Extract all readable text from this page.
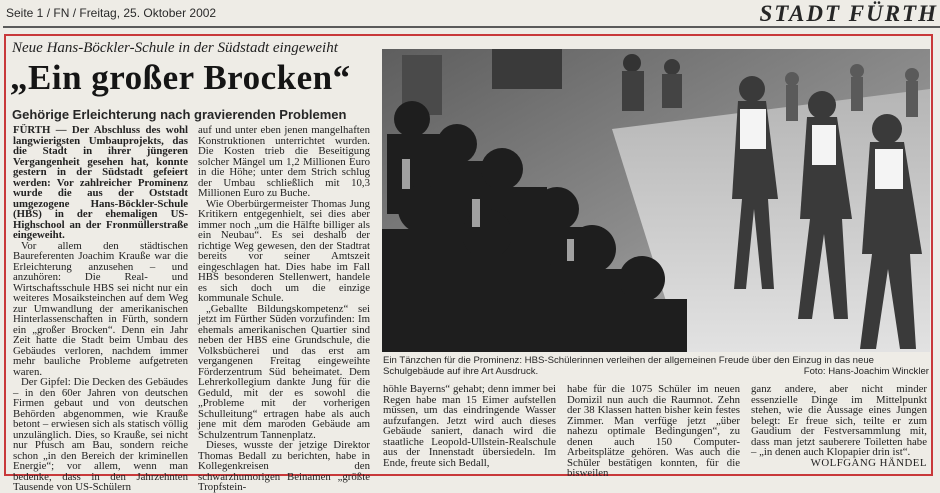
Seite 1 / FN / Freitag, 25. Oktober 2002	STADT FÜRTH
Neue Hans-Böckler-Schule in der Südstadt eingeweiht
„Ein großer Brocken“
Gehörige Erleichterung nach gravierenden Problemen

FÜRTH — Der Abschluss des wohl langwierigsten Umbauprojekts, das die Stadt in ihrer jüngeren Vergangenheit gesehen hat, konnte gestern in der Südstadt gefeiert werden: Vor zahlreicher Prominenz wurde die aus der Oststadt umgezogene Hans-Böckler-Schule (HBS) in der ehemaligen US-Highschool an der Fronmüllerstraße eingeweiht.

Vor allem den städtischen Baureferenten Joachim Krauße war die Erleichterung anzusehen – und anzuhören: Die Real- und Wirtschaftsschule HBS sei nicht nur ein weiteres Mosaiksteinchen auf dem Weg zur Umwandlung der amerikanischen Hinterlassenschaften in Fürth, sondern ein „großer Brocken“. Denn ein Jahr Zeit hatte die Stadt beim Umbau des Gebäudes verloren, nachdem immer mehr bauliche Probleme aufgetreten waren.

Der Gipfel: Die Decken des Gebäudes – in den 60er Jahren von deutschen Firmen gebaut und von deutschen Behörden abgenommen, wie Krauße betont – erwiesen sich als statisch völlig unzulänglich. Dies, so Krauße, sei nicht nur Pfusch am Bau, sondern reiche schon „in den Bereich der kriminellen Energie“; vor allem, wenn man bedenke, dass in den Jahrzehnten Tausende von US-Schülern

auf und unter eben jenen mangelhaften Konstruktionen unterrichtet wurden. Die Kosten trieb die Beseitigung solcher Mängel um 1,2 Millionen Euro in die Höhe; unter dem Strich schlug der Umbau schließlich mit 10,3 Millionen Euro zu Buche.

Wie Oberbürgermeister Thomas Jung Kritikern entgegenhielt, sei dies aber immer noch „um die Hälfte billiger als ein Neubau“. Es sei deshalb der richtige Weg gewesen, den der Stadtrat bereits vor seiner Amtszeit eingeschlagen hat. Dies habe im Fall HBS besonderen Stellenwert, handele es sich doch um die einzige kommunale Schule.

„Geballte Bildungskompetenz“ sei jetzt im Fürther Süden vorzufinden: Im ehemals amerikanischen Quartier sind neben der HBS eine Grundschule, die Volksbücherei und das erst am vergangenen Freitag eingeweihte Förderzentrum Süd beheimatet. Dem Lehrerkollegium dankte Jung für die Geduld, mit der es sowohl die „Probleme mit der vorherigen Schulleitung“ ertragen habe als auch jene mit dem maroden Gebäude am Schulzentrum Tannenplatz.

Dieses, wusste der jetzige Direktor Thomas Bedall zu berichten, habe in Kollegenkreisen den schwarzhumorigen Beinamen „größte Tropfstein-

Ein Tänzchen für die Prominenz: HBS-Schülerinnen verleihen der allgemeinen Freude über den Einzug in das neue Schulgebäude auf ihre Art Ausdruck.	Foto: Hans-Joachim Winckler

höhle Bayerns“ gehabt; denn immer bei Regen habe man 15 Eimer aufstellen müssen, um das eindringende Wasser aufzufangen. Jetzt wird auch dieses Gebäude saniert, danach wird die staatliche Leopold-Ullstein-Realschule aus der Innenstadt übersiedeln. Im Ende, freute sich Bedall,

habe für die 1075 Schüler im neuen Domizil nun auch die Raumnot. Zehn der 38 Klassen hatten bisher kein festes Zimmer. Man verfüge jetzt „über nahezu optimale Bedingungen“, zu denen auch 150 Computer-Arbeitsplätze gehören. Was auch die Schüler bestätigen konnten, für die bisweilen

ganz andere, aber nicht minder essenzielle Dinge im Mittelpunkt stehen, wie die Aussage eines Jungen belegt: Er freue sich, teilte er zum Gaudium der Festversammlung mit, dass man jetzt sauberere Toiletten habe – „in denen auch Klopapier drin ist“.

WOLFGANG HÄNDEL
